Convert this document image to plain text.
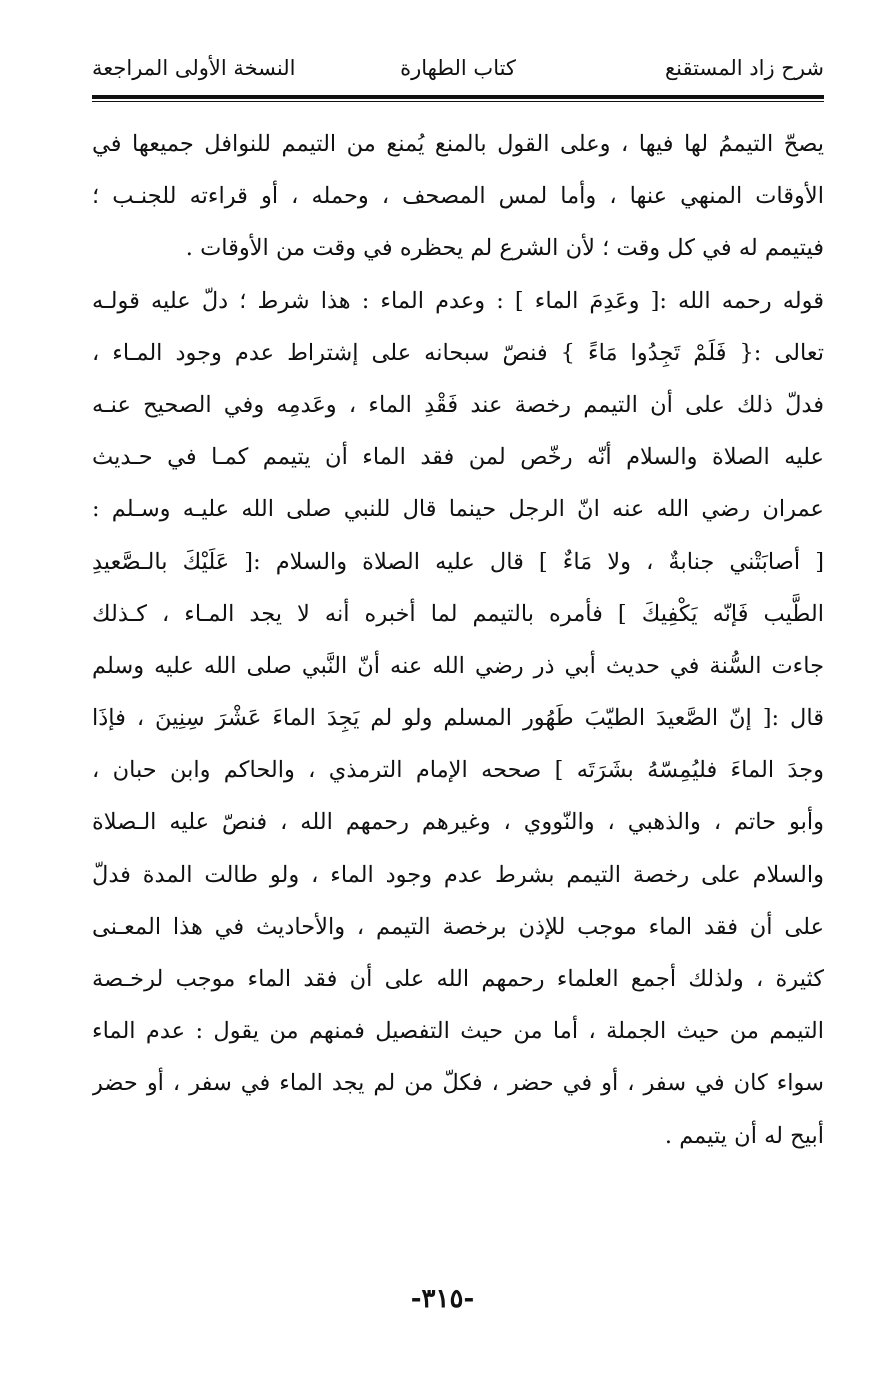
شرح زاد المستقنع
كتاب الطهارة
النسخة الأولى المراجعة
يصحّ التيممُ لها فيها ، وعلى القول بالمنع يُمنع من التيمم للنوافل جميعها في
الأوقات المنهي عنها ، وأما لمس المصحف ، وحمله ، أو قراءته للجنـب ؛
فيتيمم له في كل وقت ؛ لأن الشرع لم يحظره في وقت من الأوقات .
قوله رحمه الله :[ وعَدِمَ الماء ] : وعدم الماء : هذا شرط ؛ دلّ عليه قولـه
تعالى :{ فَلَمْ تَجِدُوا مَاءً } فنصّ سبحانه على إشتراط عدم وجود المـاء ،
فدلّ ذلك على أن التيمم رخصة عند فَقْدِ الماء ، وعَدمِه وفي الصحيح عنـه
عليه الصلاة والسلام أنّه رخّص لمن فقد الماء أن يتيمم كمـا في حـديث
عمران رضي الله عنه انّ الرجل حينما قال للنبي صلى الله عليـه وسـلم :
[ أصابَتْني جنابةٌ ، ولا مَاءٌ ] قال عليه الصلاة والسلام :[ عَلَيْكَ بالـصَّعيدِ
الطَّيب فَإنّه يَكْفِيكَ ] فأمره بالتيمم لما أخبره أنه لا يجد المـاء ، كـذلك
جاءت السُّنة في حديث أبي ذر رضي الله عنه أنّ النَّبي صلى الله عليه وسلم
قال :[ إنّ الصَّعيدَ الطيّبَ طَهُور المسلم ولو لم يَجِدَ الماءَ عَشْرَ سِنِينَ ، فإذَا
وجدَ الماءَ فليُمِسّهُ بشَرَتَه ] صححه الإمام الترمذي ، والحاكم وابن حبان ،
وأبو حاتم ، والذهبي ، والنّووي ، وغيرهم رحمهم الله ، فنصّ عليه الـصلاة
والسلام على رخصة التيمم بشرط عدم وجود الماء ، ولو طالت المدة فدلّ
على أن فقد الماء موجب للإذن برخصة التيمم ، والأحاديث في هذا المعـنى
كثيرة ، ولذلك أجمع العلماء رحمهم الله على أن فقد الماء موجب لرخـصة
التيمم من حيث الجملة ، أما من حيث التفصيل فمنهم من يقول : عدم الماء
سواء كان في سفر ، أو في حضر ، فكلّ من لم يجد الماء في سفر ، أو حضر
أبيح له أن يتيمم .
-٣١٥-
